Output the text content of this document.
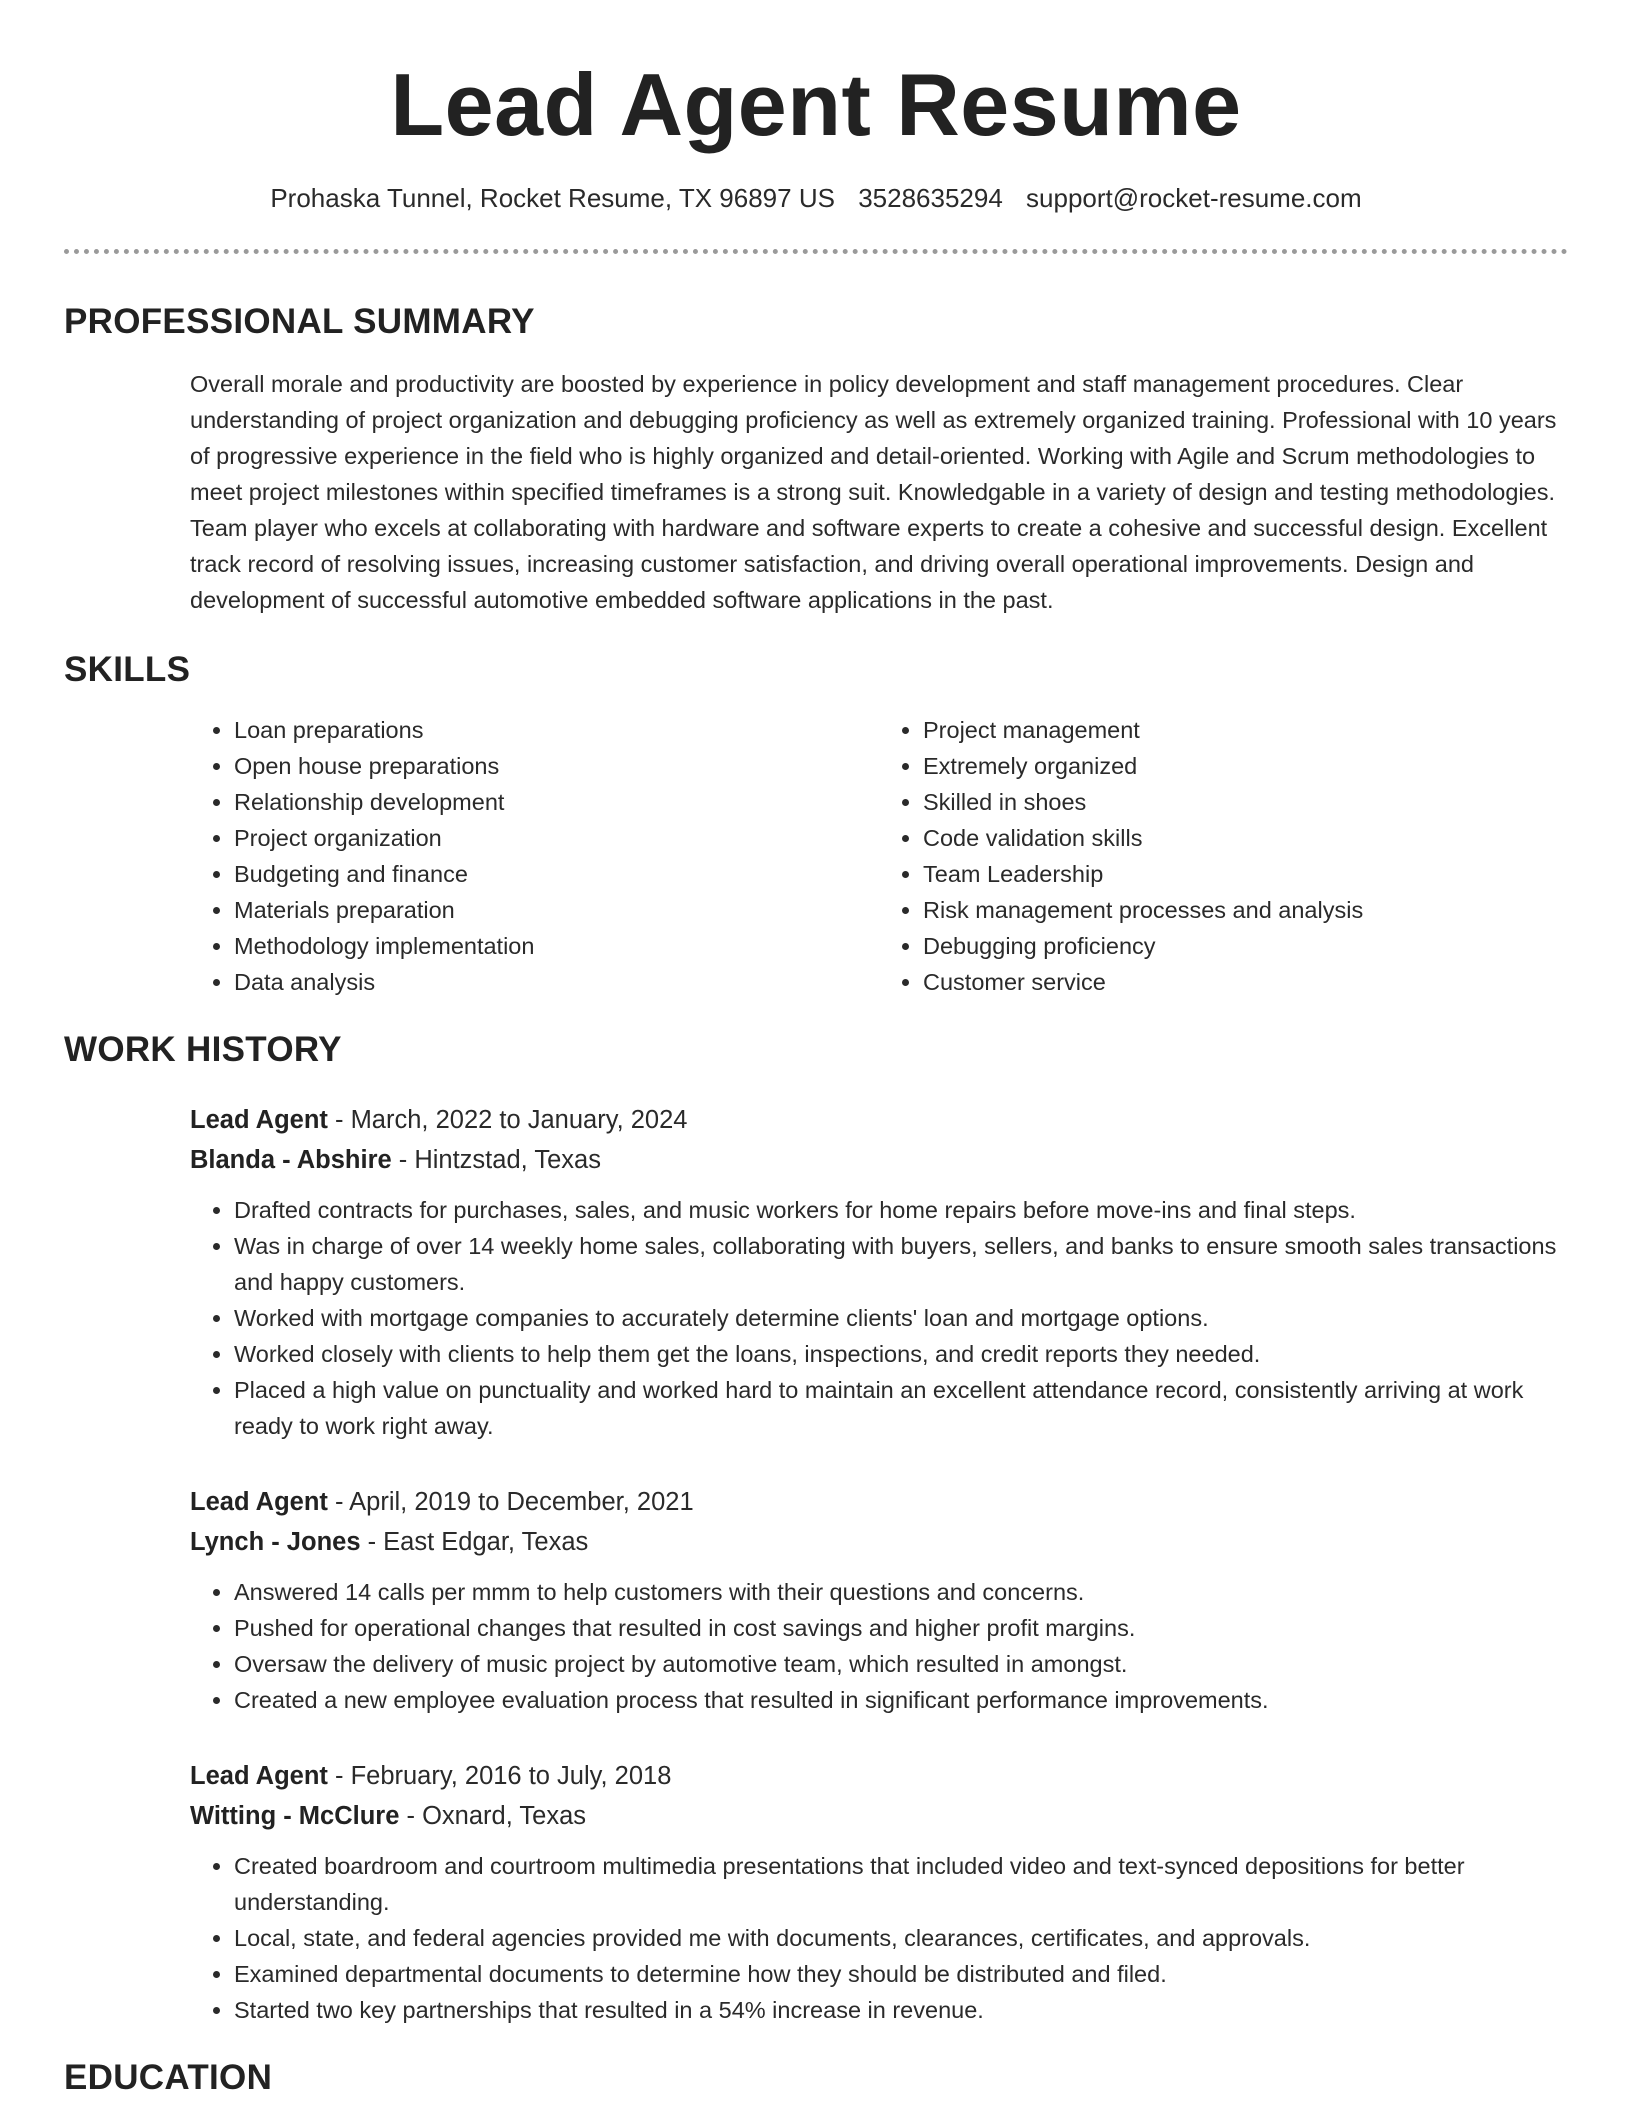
Lead Agent Resume
Prohaska Tunnel, Rocket Resume, TX 96897 US 3528635294 support@rocket-resume.com
PROFESSIONAL SUMMARY

Overall morale and productivity are boosted by experience in policy development and staff management procedures. Clear understanding of project organization and debugging proficiency as well as extremely organized training. Professional with 10 years of progressive experience in the field who is highly organized and detail-oriented. Working with Agile and Scrum methodologies to meet project milestones within specified timeframes is a strong suit. Knowledgable in a variety of design and testing methodologies. Team player who excels at collaborating with hardware and software experts to create a cohesive and successful design. Excellent track record of resolving issues, increasing customer satisfaction, and driving overall operational improvements. Design and development of successful automotive embedded software applications in the past.

SKILLS
• Loan preparations
• Open house preparations
• Relationship development
• Project organization
• Budgeting and finance
• Materials preparation
• Methodology implementation
• Data analysis
• Project management
• Extremely organized
• Skilled in shoes
• Code validation skills
• Team Leadership
• Risk management processes and analysis
• Debugging proficiency
• Customer service
WORK HISTORY
Lead Agent - March, 2022 to January, 2024
Blanda - Abshire - Hintzstad, Texas
• Drafted contracts for purchases, sales, and music workers for home repairs before move-ins and final steps.
• Was in charge of over 14 weekly home sales, collaborating with buyers, sellers, and banks to ensure smooth sales transactions and happy customers.
• Worked with mortgage companies to accurately determine clients' loan and mortgage options.
• Worked closely with clients to help them get the loans, inspections, and credit reports they needed.
• Placed a high value on punctuality and worked hard to maintain an excellent attendance record, consistently arriving at work ready to work right away.
Lead Agent - April, 2019 to December, 2021
Lynch - Jones - East Edgar, Texas
• Answered 14 calls per mmm to help customers with their questions and concerns.
• Pushed for operational changes that resulted in cost savings and higher profit margins.
• Oversaw the delivery of music project by automotive team, which resulted in amongst.
• Created a new employee evaluation process that resulted in significant performance improvements.
Lead Agent - February, 2016 to July, 2018
Witting - McClure - Oxnard, Texas
• Created boardroom and courtroom multimedia presentations that included video and text-synced depositions for better understanding.
• Local, state, and federal agencies provided me with documents, clearances, certificates, and approvals.
• Examined departmental documents to determine how they should be distributed and filed.
• Started two key partnerships that resulted in a 54% increase in revenue.
EDUCATION
